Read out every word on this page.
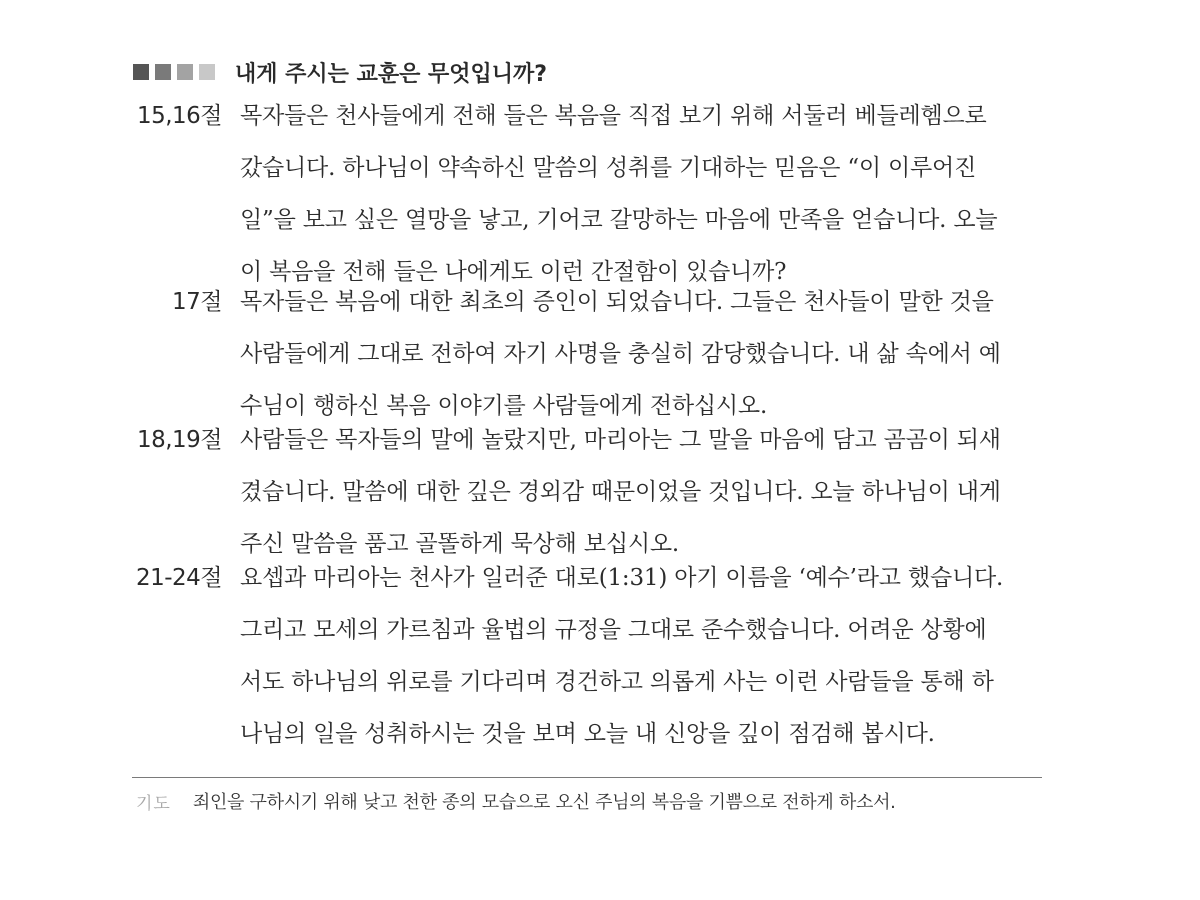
내게 주시는 교훈은 무엇입니까?
15,16절 목자들은 천사들에게 전해 들은 복음을 직접 보기 위해 서둘러 베들레헴으로
갔습니다. 하나님이 약속하신 말씀의 성취를 기대하는 믿음은 “이 이루어진
일”을 보고 싶은 열망을 낳고, 기어코 갈망하는 마음에 만족을 얻습니다. 오늘
이 복음을 전해 들은 나에게도 이런 간절함이 있습니까?
17절 목자들은 복음에 대한 최초의 증인이 되었습니다. 그들은 천사들이 말한 것을
사람들에게 그대로 전하여 자기 사명을 충실히 감당했습니다. 내 삶 속에서 예
수님이 행하신 복음 이야기를 사람들에게 전하십시오.
18,19절 사람들은 목자들의 말에 놀랐지만, 마리아는 그 말을 마음에 담고 곰곰이 되새
겼습니다. 말씀에 대한 깊은 경외감 때문이었을 것입니다. 오늘 하나님이 내게
주신 말씀을 품고 골똘하게 묵상해 보십시오.
21-24절 요셉과 마리아는 천사가 일러준 대로(1:31) 아기 이름을 ‘예수’라고 했습니다.
그리고 모세의 가르침과 율법의 규정을 그대로 준수했습니다. 어려운 상황에
서도 하나님의 위로를 기다리며 경건하고 의롭게 사는 이런 사람들을 통해 하
나님의 일을 성취하시는 것을 보며 오늘 내 신앙을 깊이 점검해 봅시다.
기도 죄인을 구하시기 위해 낮고 천한 종의 모습으로 오신 주님의 복음을 기쁨으로 전하게 하소서.
